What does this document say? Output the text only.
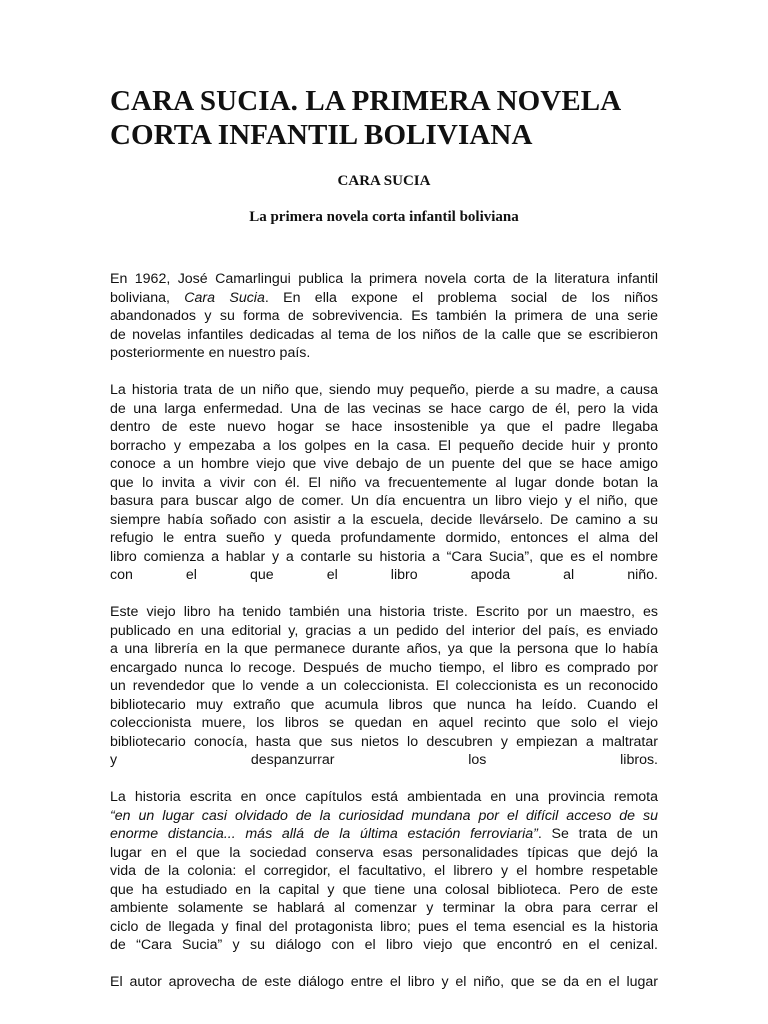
CARA SUCIA. LA PRIMERA NOVELA CORTA INFANTIL BOLIVIANA

CARA SUCIA

La primera novela corta infantil boliviana

En 1962, José Camarlingui publica la primera novela corta de la literatura infantil
boliviana, Cara Sucia. En ella expone el problema social de los niños
abandonados y su forma de sobrevivencia. Es también la primera de una serie
de novelas infantiles dedicadas al tema de los niños de la calle que se escribieron
posteriormente en nuestro país.

La historia trata de un niño que, siendo muy pequeño, pierde a su madre, a causa
de una larga enfermedad. Una de las vecinas se hace cargo de él, pero la vida
dentro de este nuevo hogar se hace insostenible ya que el padre llegaba
borracho y empezaba a los golpes en la casa. El pequeño decide huir y pronto
conoce a un hombre viejo que vive debajo de un puente del que se hace amigo
que lo invita a vivir con él. El niño va frecuentemente al lugar donde botan la
basura para buscar algo de comer. Un día encuentra un libro viejo y el niño, que
siempre había soñado con asistir a la escuela, decide llevárselo. De camino a su
refugio le entra sueño y queda profundamente dormido, entonces el alma del
libro comienza a hablar y a contarle su historia a “Cara Sucia”, que es el nombre
con el que el libro apoda al niño.

Este viejo libro ha tenido también una historia triste. Escrito por un maestro, es
publicado en una editorial y, gracias a un pedido del interior del país, es enviado
a una librería en la que permanece durante años, ya que la persona que lo había
encargado nunca lo recoge. Después de mucho tiempo, el libro es comprado por
un revendedor que lo vende a un coleccionista. El coleccionista es un reconocido
bibliotecario muy extraño que acumula libros que nunca ha leído. Cuando el
coleccionista muere, los libros se quedan en aquel recinto que solo el viejo
bibliotecario conocía, hasta que sus nietos lo descubren y empiezan a maltratar
y despanzurrar los libros.

La historia escrita en once capítulos está ambientada en una provincia remota
“en un lugar casi olvidado de la curiosidad mundana por el difícil acceso de su
enorme distancia... más allá de la última estación ferroviaria”. Se trata de un
lugar en el que la sociedad conserva esas personalidades típicas que dejó la
vida de la colonia: el corregidor, el facultativo, el librero y el hombre respetable
que ha estudiado en la capital y que tiene una colosal biblioteca. Pero de este
ambiente solamente se hablará al comenzar y terminar la obra para cerrar el
ciclo de llegada y final del protagonista libro; pues el tema esencial es la historia
de “Cara Sucia” y su diálogo con el libro viejo que encontró en el cenizal.

El autor aprovecha de este diálogo entre el libro y el niño, que se da en el lugar
